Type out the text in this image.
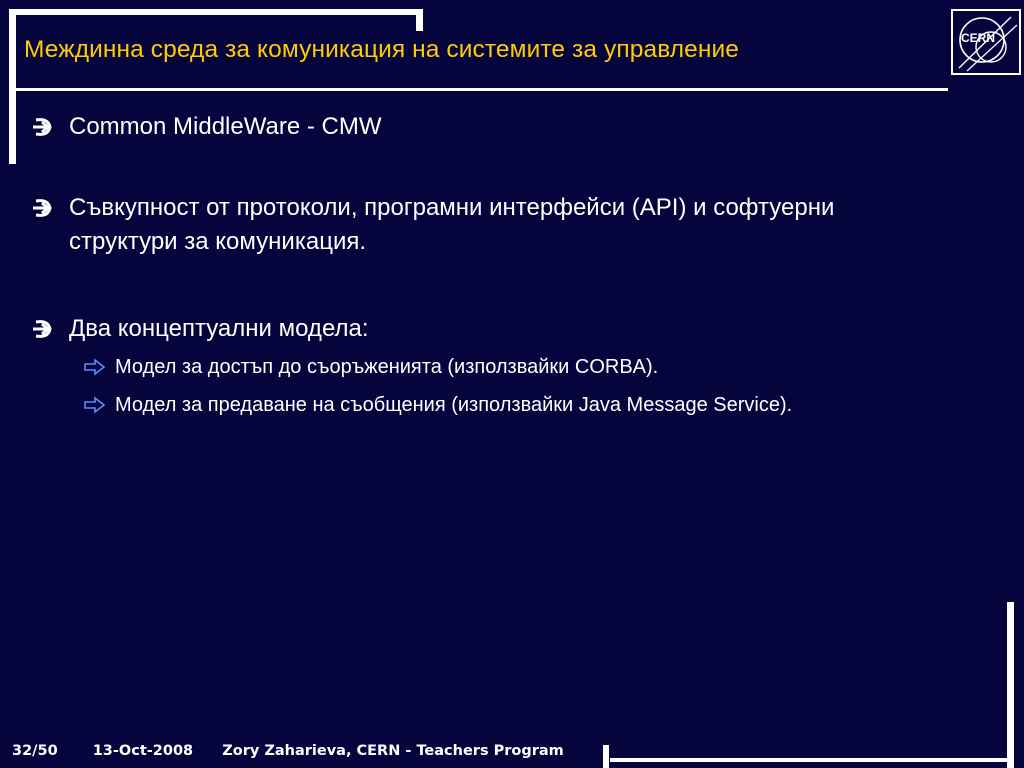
Междинна среда за комуникация на системите за управление	CERN
Common MiddleWare - CMW
Съвкупност от протоколи, програмни интерфейси (API) и софтуерни структури за комуникация.
Два концептуални модела:
Модел за достъп до съоръженията (използвайки CORBA).
Модел за предаване на съобщения (използвайки Java Message Service).
32/50 13-Oct-2008 Zory Zaharieva, CERN - Teachers Program
